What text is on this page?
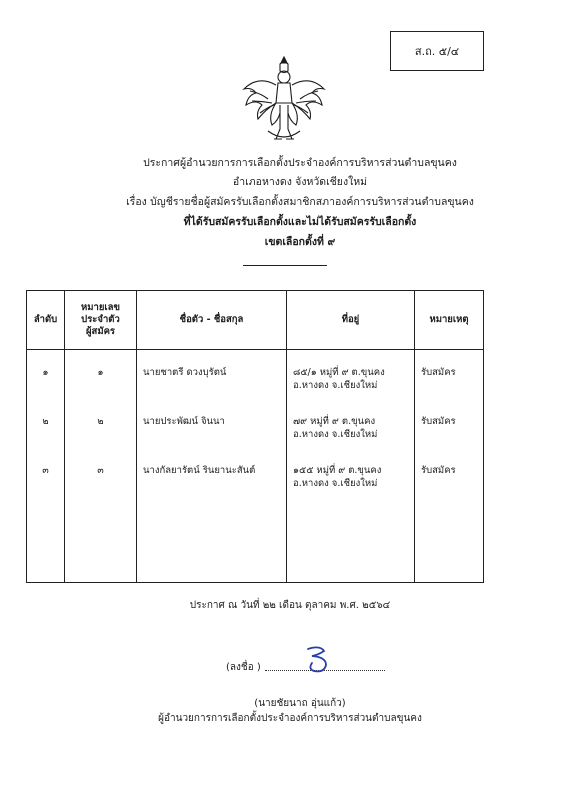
ส.ถ. ๕/๔
ประกาศผู้อำนวยการการเลือกตั้งประจำองค์การบริหารส่วนตำบลขุนคง
อำเภอหางดง จังหวัดเชียงใหม่
เรื่อง บัญชีรายชื่อผู้สมัครรับเลือกตั้งสมาชิกสภาองค์การบริหารส่วนตำบลขุนคง
ที่ได้รับสมัครรับเลือกตั้งและไม่ได้รับสมัครรับเลือกตั้ง
เขตเลือกตั้งที่ ๙
ลำดับ	หมายเลข
ประจำตัว
ผู้สมัคร	ชื่อตัว - ชื่อสกุล	ที่อยู่	หมายเหตุ
๑	๑	นายชาตรี ดวงบุรัตน์	๘๕/๑ หมู่ที่ ๙ ต.ขุนคง
อ.หางดง จ.เชียงใหม่	รับสมัคร
๒	๒	นายประพัฒน์ จินนา	๗๙ หมู่ที่ ๙ ต.ขุนคง
อ.หางดง จ.เชียงใหม่	รับสมัคร
๓	๓	นางกัลยารัตน์ รินยานะสันต์	๑๕๕ หมู่ที่ ๙ ต.ขุนคง
อ.หางดง จ.เชียงใหม่	รับสมัคร
ประกาศ ณ วันที่ ๒๒ เดือน ตุลาคม พ.ศ. ๒๕๖๔
(ลงชื่อ )
(นายชัยนาถ อุ่นแก้ว)
ผู้อำนวยการการเลือกตั้งประจำองค์การบริหารส่วนตำบลขุนคง
